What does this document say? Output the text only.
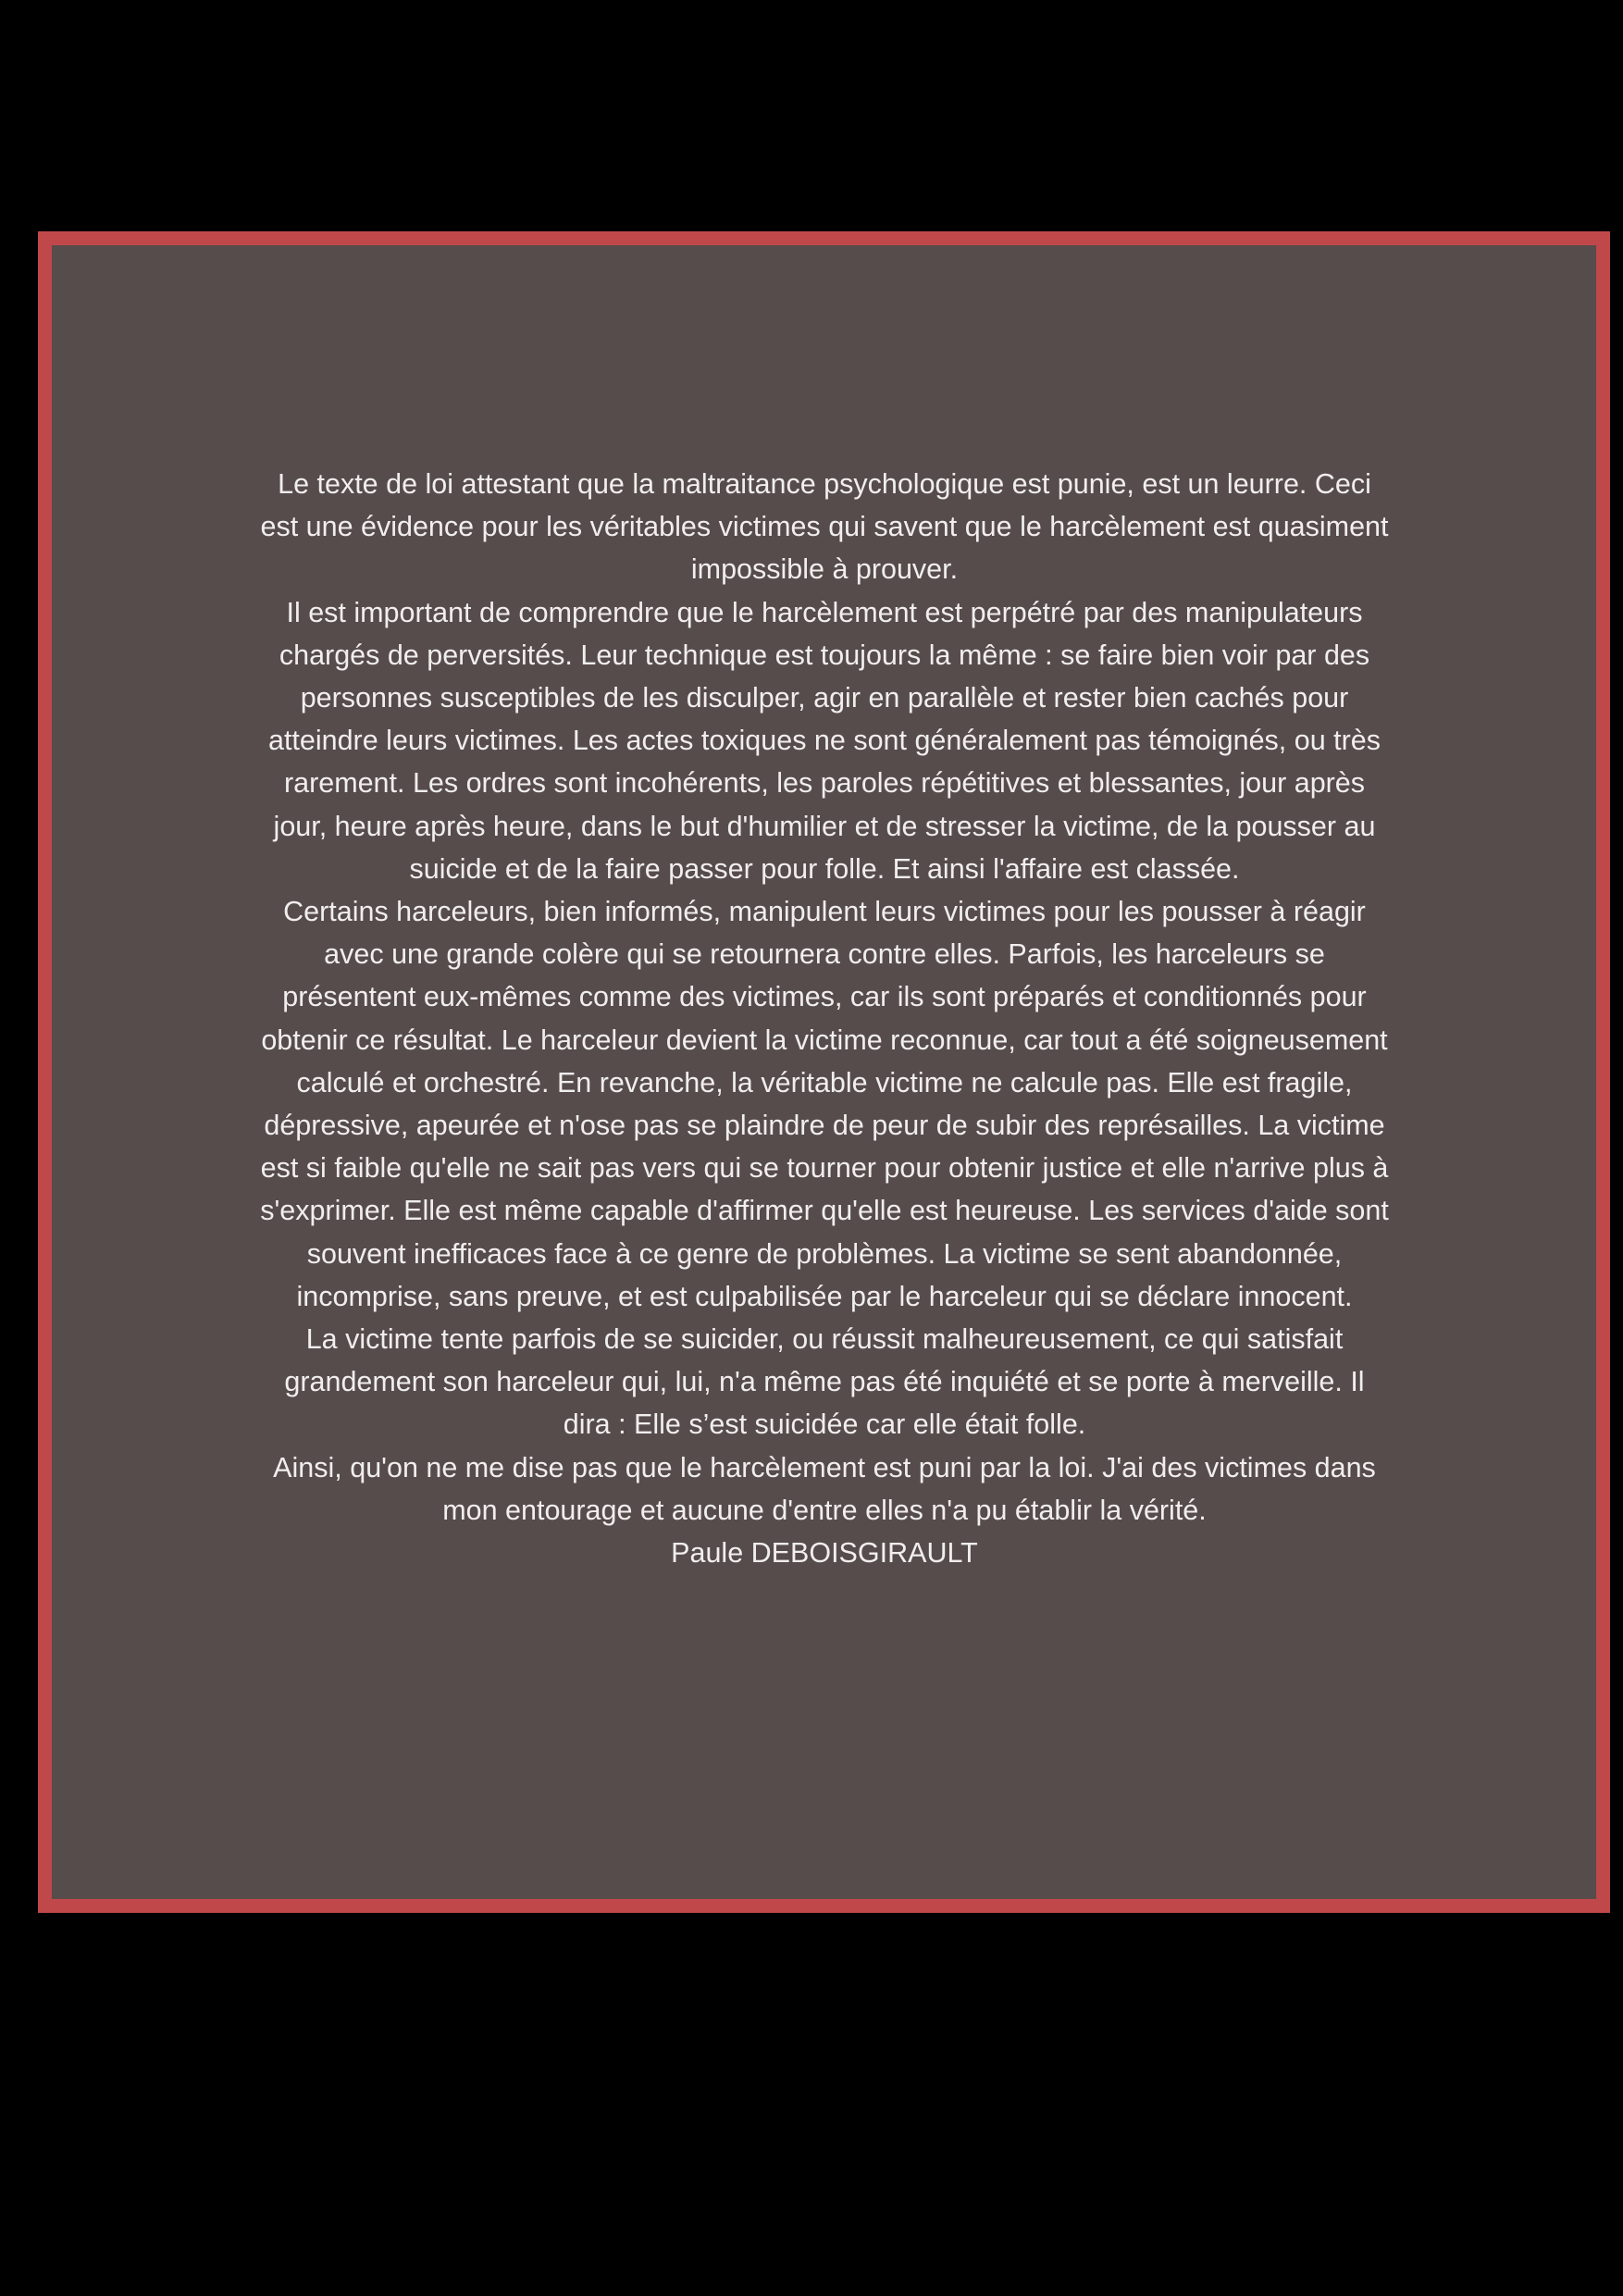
Le texte de loi attestant que la maltraitance psychologique est punie, est un leurre. Ceci est une évidence pour les véritables victimes qui savent que le harcèlement est quasiment impossible à prouver.

Il est important de comprendre que le harcèlement est perpétré par des manipulateurs chargés de perversités. Leur technique est toujours la même : se faire bien voir par des personnes susceptibles de les disculper, agir en parallèle et rester bien cachés pour atteindre leurs victimes. Les actes toxiques ne sont généralement pas témoignés, ou très rarement. Les ordres sont incohérents, les paroles répétitives et blessantes, jour après jour, heure après heure, dans le but d'humilier et de stresser la victime, de la pousser au suicide et de la faire passer pour folle. Et ainsi l'affaire est classée.

Certains harceleurs, bien informés, manipulent leurs victimes pour les pousser à réagir avec une grande colère qui se retournera contre elles. Parfois, les harceleurs se présentent eux-mêmes comme des victimes, car ils sont préparés et conditionnés pour obtenir ce résultat. Le harceleur devient la victime reconnue, car tout a été soigneusement calculé et orchestré. En revanche, la véritable victime ne calcule pas. Elle est fragile, dépressive, apeurée et n'ose pas se plaindre de peur de subir des représailles. La victime est si faible qu'elle ne sait pas vers qui se tourner pour obtenir justice et elle n'arrive plus à s'exprimer. Elle est même capable d'affirmer qu'elle est heureuse. Les services d'aide sont souvent inefficaces face à ce genre de problèmes. La victime se sent abandonnée, incomprise, sans preuve, et est culpabilisée par le harceleur qui se déclare innocent.

La victime tente parfois de se suicider, ou réussit malheureusement, ce qui satisfait grandement son harceleur qui, lui, n'a même pas été inquiété et se porte à merveille. Il dira : Elle s’est suicidée car elle était folle.

Ainsi, qu'on ne me dise pas que le harcèlement est puni par la loi. J'ai des victimes dans mon entourage et aucune d'entre elles n'a pu établir la vérité.

Paule DEBOISGIRAULT
